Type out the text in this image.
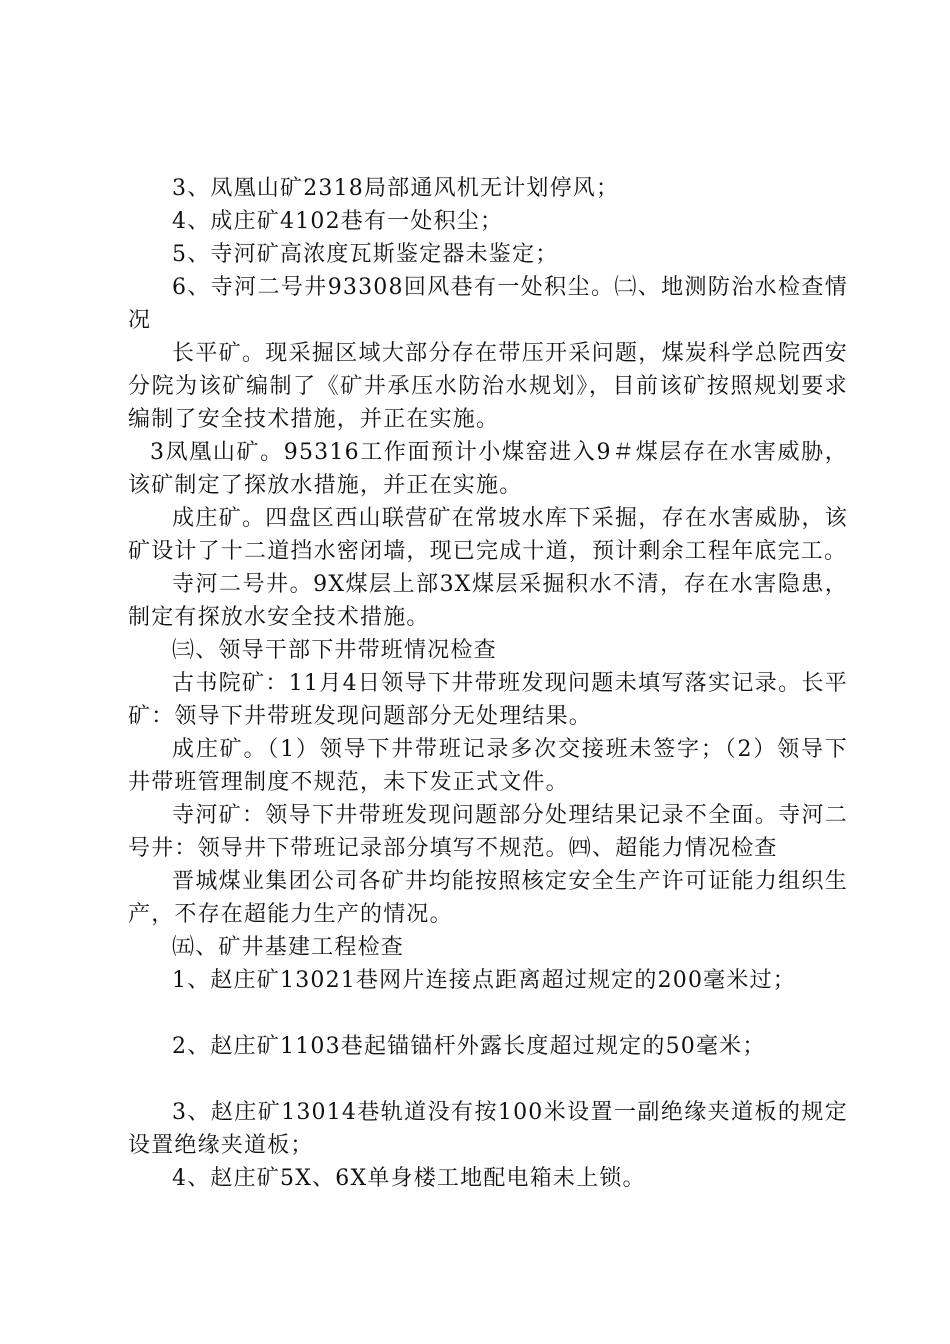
3、凤凰山矿2318局部通风机无计划停风；

4、成庄矿4102巷有一处积尘；

5、寺河矿高浓度瓦斯鉴定器未鉴定；

6、寺河二号井93308回风巷有一处积尘。㈡、地测防治水检查情况

长平矿。现采掘区域大部分存在带压开采问题，煤炭科学总院西安分院为该矿编制了《矿井承压水防治水规划》，目前该矿按照规划要求编制了安全技术措施，并正在实施。

3凤凰山矿。95316工作面预计小煤窑进入9＃煤层存在水害威胁，该矿制定了探放水措施，并正在实施。

成庄矿。四盘区西山联营矿在常坡水库下采掘，存在水害威胁，该矿设计了十二道挡水密闭墙，现已完成十道，预计剩余工程年底完工。

寺河二号井。9X煤层上部3X煤层采掘积水不清，存在水害隐患，制定有探放水安全技术措施。

㈢、领导干部下井带班情况检查

古书院矿：11月4日领导下井带班发现问题未填写落实记录。长平矿：领导下井带班发现问题部分无处理结果。

成庄矿。（1）领导下井带班记录多次交接班未签字；（2）领导下井带班管理制度不规范，未下发正式文件。

寺河矿：领导下井带班发现问题部分处理结果记录不全面。寺河二号井：领导井下带班记录部分填写不规范。㈣、超能力情况检查

晋城煤业集团公司各矿井均能按照核定安全生产许可证能力组织生产，不存在超能力生产的情况。

㈤、矿井基建工程检查

1、赵庄矿13021巷网片连接点距离超过规定的200毫米过；

2、赵庄矿1103巷起锚锚杆外露长度超过规定的50毫米；

3、赵庄矿13014巷轨道没有按100米设置一副绝缘夹道板的规定设置绝缘夹道板；

4、赵庄矿5X、6X单身楼工地配电箱未上锁。
